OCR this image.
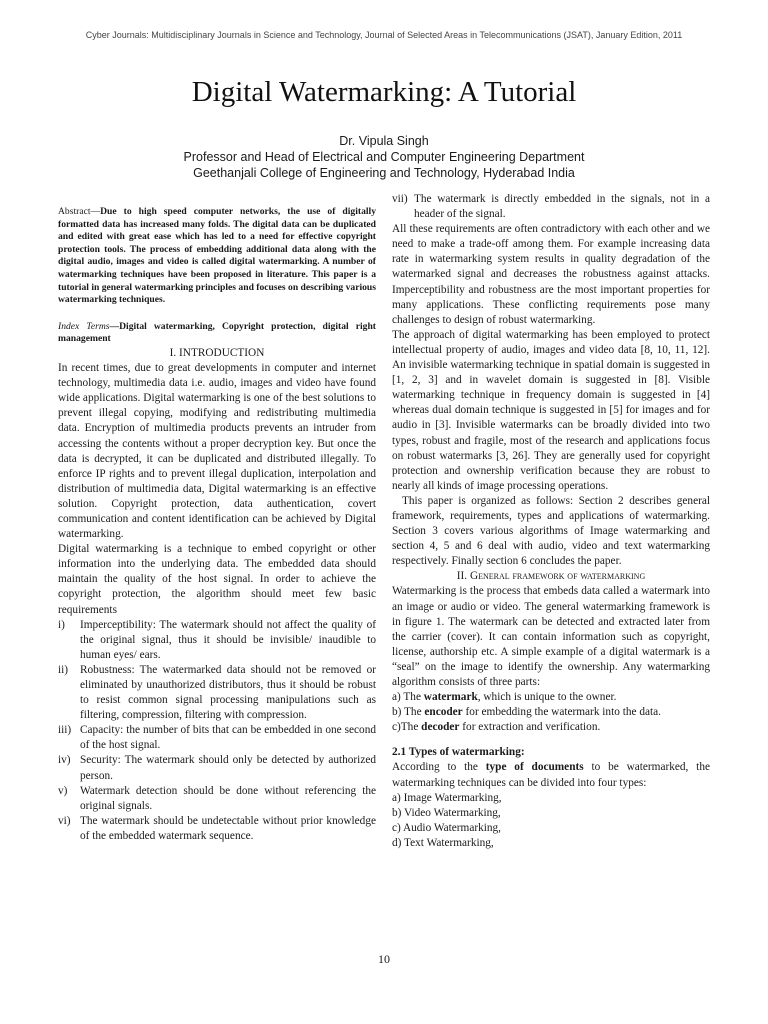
Cyber Journals: Multidisciplinary Journals in Science and Technology, Journal of Selected Areas in Telecommunications (JSAT), January Edition, 2011
Digital Watermarking: A Tutorial
Dr. Vipula Singh
Professor and Head of Electrical and Computer Engineering Department
Geethanjali College of Engineering and Technology, Hyderabad India

Abstract—Due to high speed computer networks, the use of digitally formatted data has increased many folds. The digital data can be duplicated and edited with great ease which has led to a need for effective copyright protection tools. The process of embedding additional data along with the digital audio, images and video is called digital watermarking. A number of watermarking techniques have been proposed in literature. This paper is a tutorial in general watermarking principles and focuses on describing various watermarking techniques.

Index Terms—Digital watermarking, Copyright protection, digital right management

I. INTRODUCTION

In recent times, due to great developments in computer and internet technology, multimedia data i.e. audio, images and video have found wide applications. Digital watermarking is one of the best solutions to prevent illegal copying, modifying and redistributing multimedia data. Encryption of multimedia products prevents an intruder from accessing the contents without a proper decryption key. But once the data is decrypted, it can be duplicated and distributed illegally. To enforce IP rights and to prevent illegal duplication, interpolation and distribution of multimedia data, Digital watermarking is an effective solution. Copyright protection, data authentication, covert communication and content identification can be achieved by Digital watermarking.

Digital watermarking is a technique to embed copyright or other information into the underlying data. The embedded data should maintain the quality of the host signal. In order to achieve the copyright protection, the algorithm should meet few basic requirements

i)	Imperceptibility: The watermark should not affect the quality of the original signal, thus it should be invisible/ inaudible to human eyes/ ears.
ii)	Robustness: The watermarked data should not be removed or eliminated by unauthorized distributors, thus it should be robust to resist common signal processing manipulations such as filtering, compression, filtering with compression.
iii) Capacity: the number of bits that can be embedded in one second of the host signal.
iv) Security: The watermark should only be detected by authorized person.
v)	Watermark detection should be done without referencing the original signals.
vi) The watermark should be undetectable without prior knowledge of the embedded watermark sequence.
vii) The watermark is directly embedded in the signals, not in a header of the signal.

All these requirements are often contradictory with each other and we need to make a trade-off among them. For example increasing data rate in watermarking system results in quality degradation of the watermarked signal and decreases the robustness against attacks. Imperceptibility and robustness are the most important properties for many applications. These conflicting requirements pose many challenges to design of robust watermarking.

The approach of digital watermarking has been employed to protect intellectual property of audio, images and video data [8, 10, 11, 12]. An invisible watermarking technique in spatial domain is suggested in [1, 2, 3] and in wavelet domain is suggested in [8]. Visible watermarking technique in frequency domain is suggested in [4] whereas dual domain technique is suggested in [5] for images and for audio in [3]. Invisible watermarks can be broadly divided into two types, robust and fragile, most of the research and applications focus on robust watermarks [3, 26]. They are generally used for copyright protection and ownership verification because they are robust to nearly all kinds of image processing operations.

This paper is organized as follows: Section 2 describes general framework, requirements, types and applications of watermarking. Section 3 covers various algorithms of Image watermarking and section 4, 5 and 6 deal with audio, video and text watermarking respectively. Finally section 6 concludes the paper.

II. General framework of watermarking

Watermarking is the process that embeds data called a watermark into an image or audio or video. The general watermarking framework is in figure 1. The watermark can be detected and extracted later from the carrier (cover). It can contain information such as copyright, license, authorship etc. A simple example of a digital watermark is a “seal” on the image to identify the ownership. Any watermarking algorithm consists of three parts:

a) The watermark, which is unique to the owner.

b) The encoder for embedding the watermark into the data.

c)The decoder for extraction and verification.

2.1 Types of watermarking:

According to the type of documents to be watermarked, the watermarking techniques can be divided into four types:

a) Image Watermarking,
b) Video Watermarking,
c) Audio Watermarking,
d) Text Watermarking,
10
